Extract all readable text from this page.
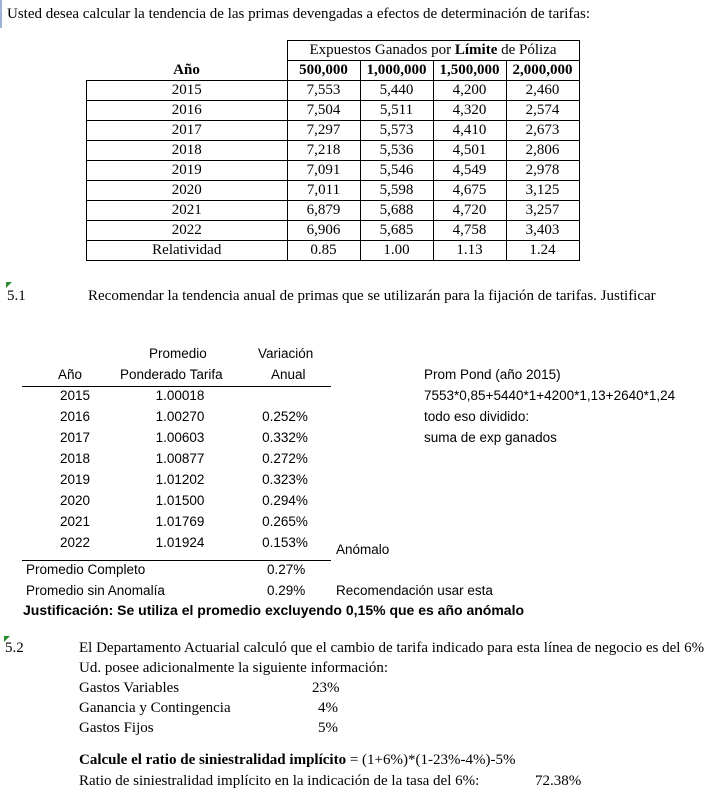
Usted desea calcular la tendencia de las primas devengadas a efectos de determinación de tarifas:
	Expuestos Ganados por Límite de Póliza			
Año	500,000	1,000,000	1,500,000	2,000,000
2015	7,553	5,440	4,200	2,460
2016	7,504	5,511	4,320	2,574
2017	7,297	5,573	4,410	2,673
2018	7,218	5,536	4,501	2,806
2019	7,091	5,546	4,549	2,978
2020	7,011	5,598	4,675	3,125
2021	6,879	5,688	4,720	3,257
2022	6,906	5,685	4,758	3,403
Relatividad	0.85	1.00	1.13	1.24
5.1	Recomendar la tendencia anual de primas que se utilizarán para la fijación de tarifas. Justificar
Promedio	Variación
Año	Ponderado Tarifa	Anual
2015	1.00018
2016	1.00270	0.252%
2017	1.00603	0.332%
2018	1.00877	0.272%
2019	1.01202	0.323%
2020	1.01500	0.294%
2021	1.01769	0.265%
2022	1.01924	0.153%	Anómalo
Promedio Completo	0.27%
Promedio sin Anomalía	0.29% Recomendación usar esta
Justificación: Se utiliza el promedio excluyendo 0,15% que es año anómalo
Prom Pond (año 2015)
7553*0,85+5440*1+4200*1,13+2640*1,24
todo eso dividido:
suma de exp ganados
5.2	El Departamento Actuarial calculó que el cambio de tarifa indicado para esta línea de negocio es del 6%
Ud. posee adicionalmente la siguiente información:
Gastos Variables	23%
Ganancia y Contingencia	4%
Gastos Fijos	5%
Calcule el ratio de siniestralidad implícito = (1+6%)*(1-23%-4%)-5%
Ratio de siniestralidad implícito en la indicación de la tasa del 6%:	72.38%
